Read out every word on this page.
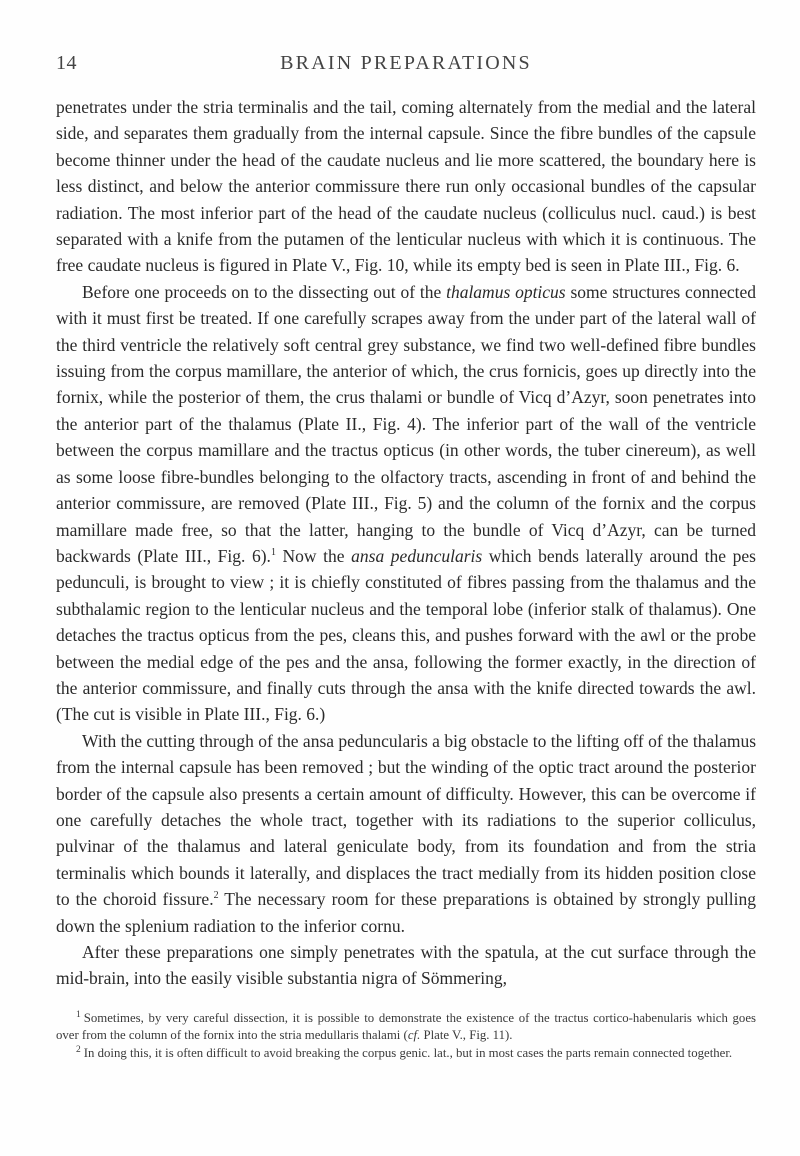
14	BRAIN PREPARATIONS

penetrates under the stria terminalis and the tail, coming alternately from the medial and the lateral side, and separates them gradually from the internal capsule. Since the fibre bundles of the capsule become thinner under the head of the caudate nucleus and lie more scattered, the boundary here is less distinct, and below the anterior commissure there run only occasional bundles of the capsular radiation. The most inferior part of the head of the caudate nucleus (colliculus nucl. caud.) is best separated with a knife from the putamen of the lenticular nucleus with which it is continuous. The free caudate nucleus is figured in Plate V., Fig. 10, while its empty bed is seen in Plate III., Fig. 6.

Before one proceeds on to the dissecting out of the thalamus opticus some structures connected with it must first be treated. If one carefully scrapes away from the under part of the lateral wall of the third ventricle the relatively soft central grey substance, we find two well-defined fibre bundles issuing from the corpus mamillare, the anterior of which, the crus fornicis, goes up directly into the fornix, while the posterior of them, the crus thalami or bundle of Vicq d’Azyr, soon penetrates into the anterior part of the thalamus (Plate II., Fig. 4). The inferior part of the wall of the ventricle between the corpus mamillare and the tractus opticus (in other words, the tuber cinereum), as well as some loose fibre-bundles belonging to the olfactory tracts, ascending in front of and behind the anterior commissure, are removed (Plate III., Fig. 5) and the column of the fornix and the corpus mamillare made free, so that the latter, hanging to the bundle of Vicq d’Azyr, can be turned backwards (Plate III., Fig. 6).$^1$ Now the ansa peduncularis which bends laterally around the pes pedunculi, is brought to view ; it is chiefly constituted of fibres passing from the thalamus and the subthalamic region to the lenticular nucleus and the temporal lobe (inferior stalk of thalamus). One detaches the tractus opticus from the pes, cleans this, and pushes forward with the awl or the probe between the medial edge of the pes and the ansa, following the former exactly, in the direction of the anterior commissure, and finally cuts through the ansa with the knife directed towards the awl. (The cut is visible in Plate III., Fig. 6.)

With the cutting through of the ansa peduncularis a big obstacle to the lifting off of the thalamus from the internal capsule has been removed ; but the winding of the optic tract around the posterior border of the capsule also presents a certain amount of difficulty. However, this can be overcome if one carefully detaches the whole tract, together with its radiations to the superior colliculus, pulvinar of the thalamus and lateral geniculate body, from its foundation and from the stria terminalis which bounds it laterally, and displaces the tract medially from its hidden position close to the choroid fissure.$^2$ The necessary room for these preparations is obtained by strongly pulling down the splenium radiation to the inferior cornu.

After these preparations one simply penetrates with the spatula, at the cut surface through the mid-brain, into the easily visible substantia nigra of Sömmering,

$^1$ Sometimes, by very careful dissection, it is possible to demonstrate the existence of the tractus cortico-habenularis which goes over from the column of the fornix into the stria medullaris thalami (cf. Plate V., Fig. 11).

$^2$ In doing this, it is often difficult to avoid breaking the corpus genic. lat., but in most cases the parts remain connected together.
